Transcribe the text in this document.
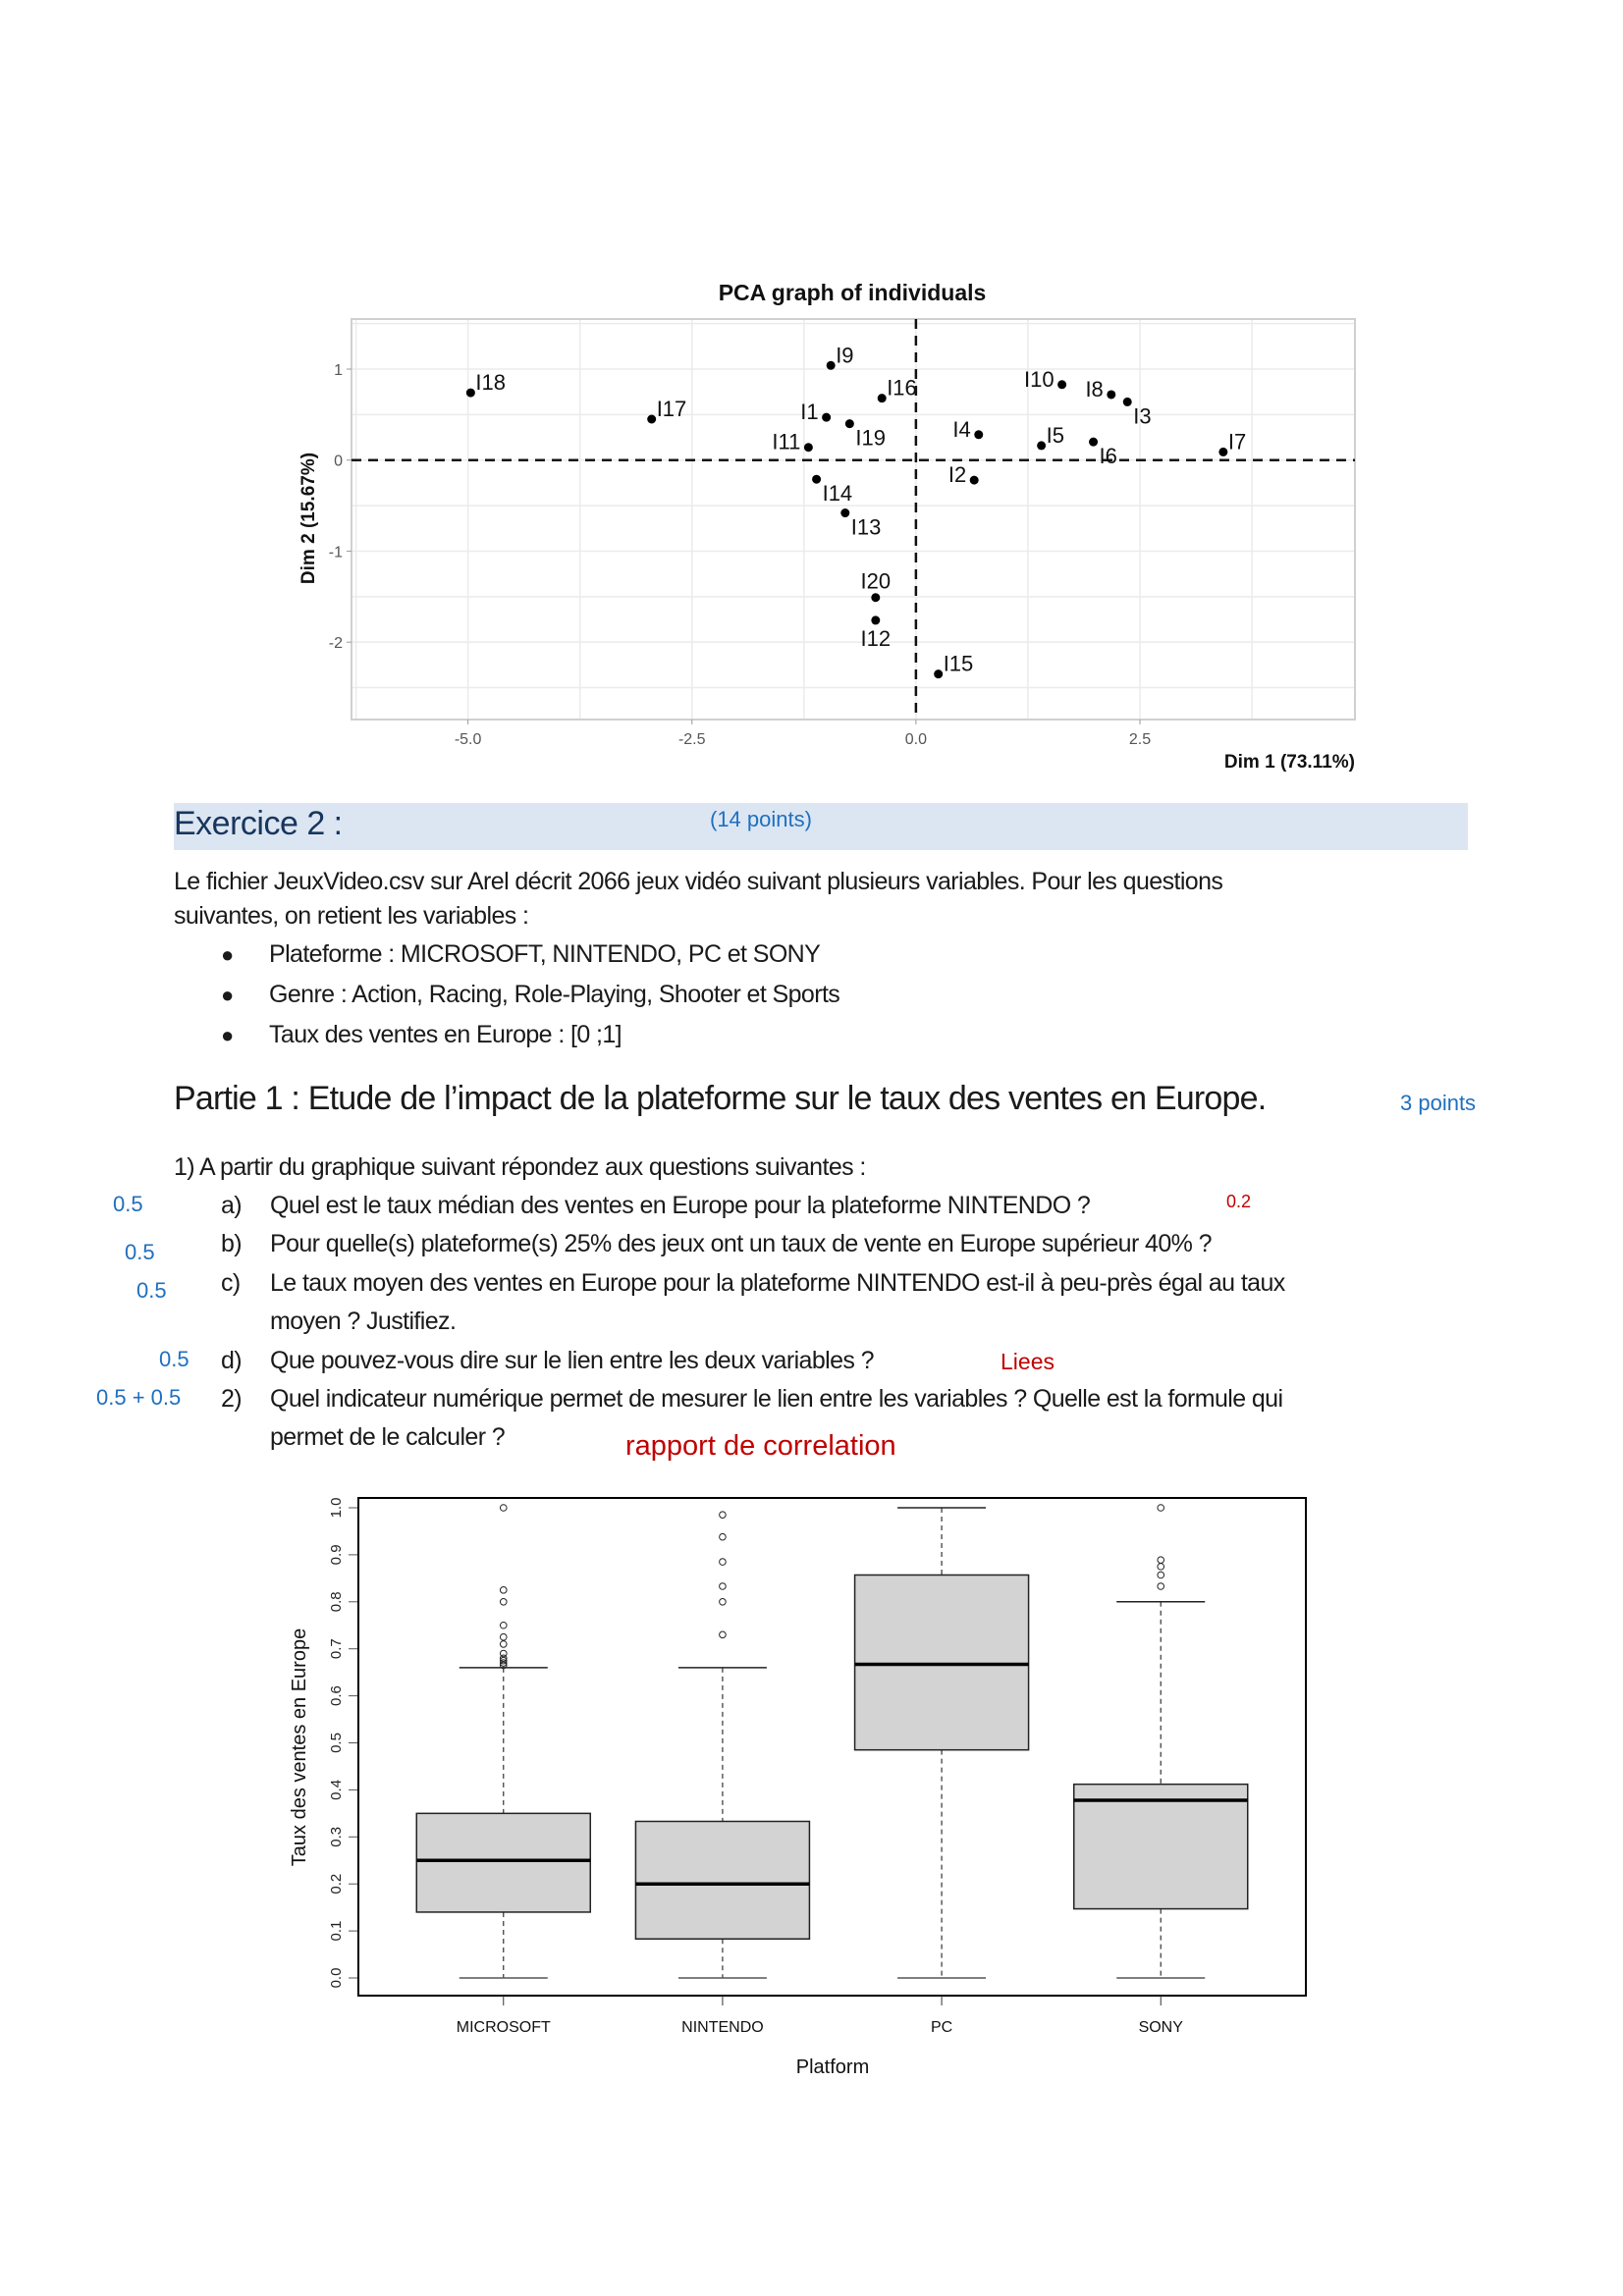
PCA graph of individuals
-5.0	-2.5	0.0	2.5
1
0
-1
-2
I1
I2
I3
I4	I5
I6
I7
I8
I9
I10
I11
I12
I13
I14
I15
I16
I17
I18
I19
I20
Dim 1 (73.11%)
Dim 2 (15.67%)
Exercice 2 :	(14 points)
Le fichier JeuxVideo.csv sur Arel décrit 2066 jeux vidéo suivant plusieurs variables. Pour les questions
suivantes, on retient les variables :
● Plateforme : MICROSOFT, NINTENDO, PC et SONY
● Genre : Action, Racing, Role-Playing, Shooter et Sports
● Taux des ventes en Europe : [0 ;1]
Partie 1 : Etude de l’impact de la plateforme sur le taux des ventes en Europe.	3 points
1) A partir du graphique suivant répondez aux questions suivantes :
0.5	a) Quel est le taux médian des ventes en Europe pour la plateforme NINTENDO ?	0.2
0.5	b) Pour quelle(s) plateforme(s) 25% des jeux ont un taux de vente en Europe supérieur 40% ?
0.5 c) Le taux moyen des ventes en Europe pour la plateforme NINTENDO est-il à peu-près égal au taux
moyen ? Justifiez.
0.5 d) Que pouvez-vous dire sur le lien entre les deux variables ?	Liees
0.5 + 0.5 2) Quel indicateur numérique permet de mesurer le lien entre les variables ? Quelle est la formule qui
permet de le calculer ?	rapport de correlation
0.0
0.1
0.2
0.3
0.4
0.5
0.6
0.7
0.8
0.9
1.0
MICROSOFT	NINTENDO	PC	SONY
Platform
Taux des ventes en Europe
